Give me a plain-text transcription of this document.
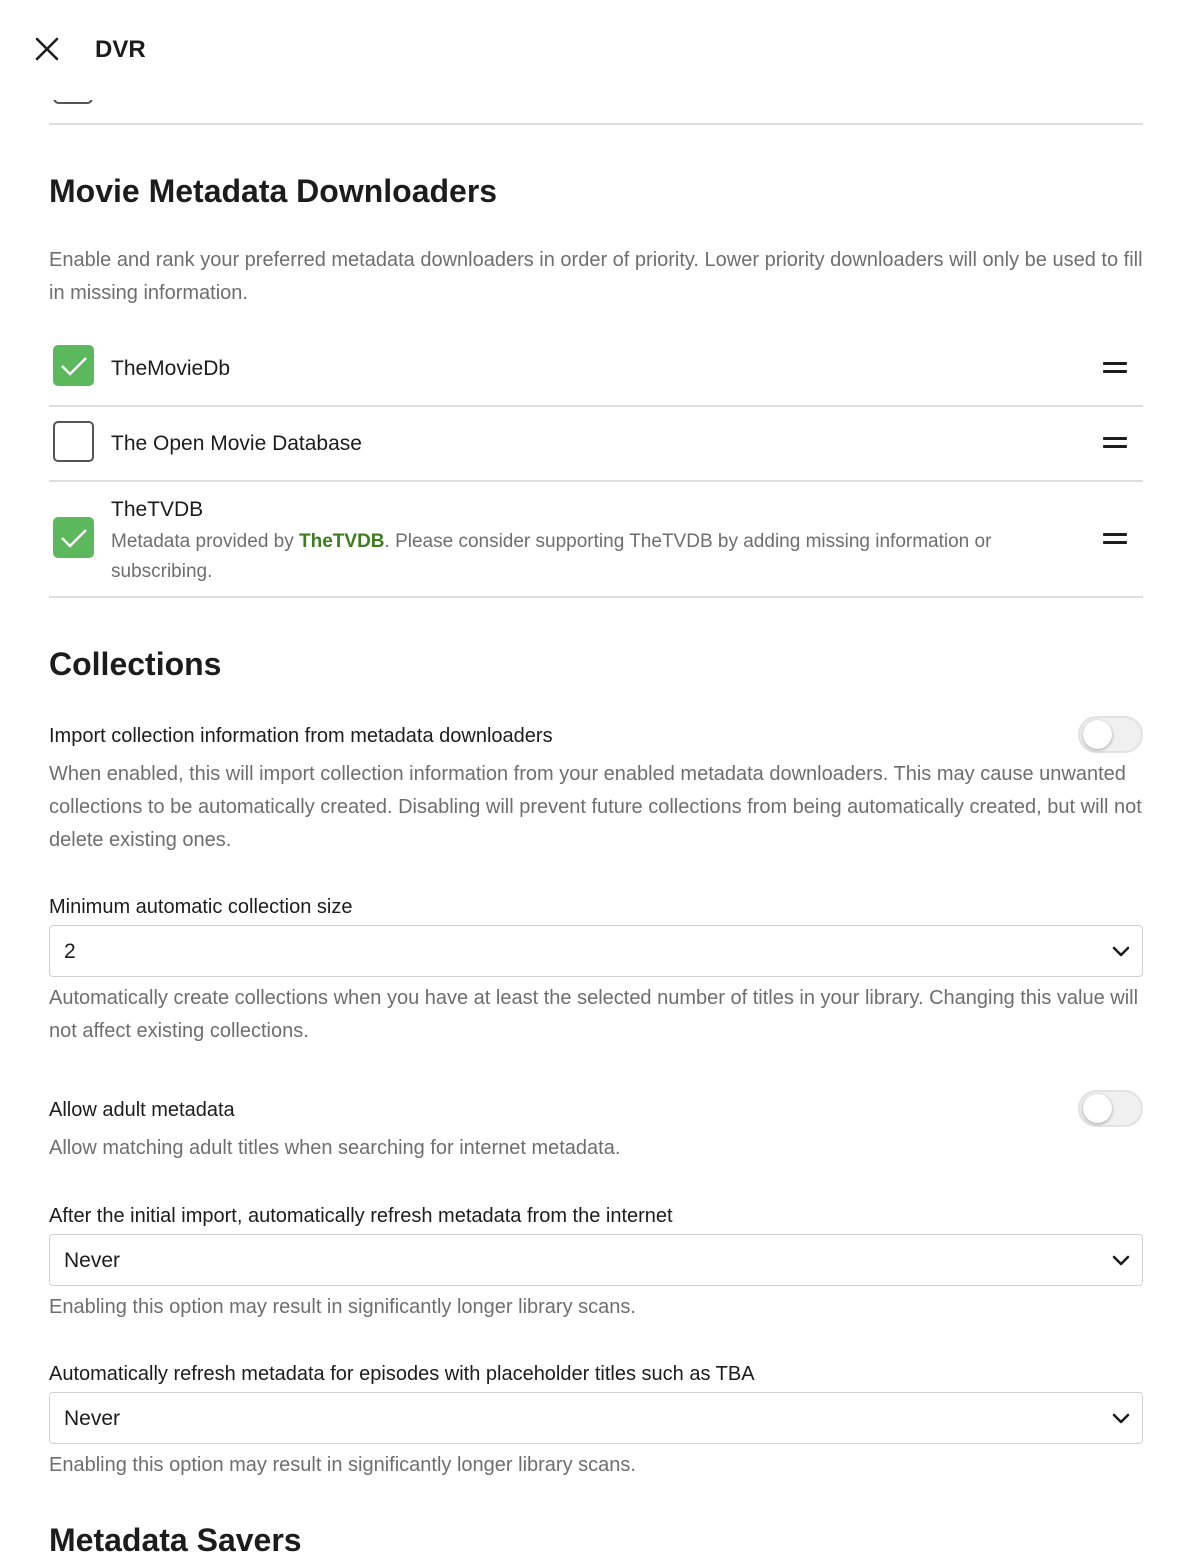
DVR
Movie Metadata Downloaders
Enable and rank your preferred metadata downloaders in order of priority. Lower priority downloaders will only be used to fill in missing information.
TheMovieDb
The Open Movie Database
TheTVDB
Metadata provided by TheTVDB. Please consider supporting TheTVDB by adding missing information or subscribing.
Collections
Import collection information from metadata downloaders
When enabled, this will import collection information from your enabled metadata downloaders. This may cause unwanted collections to be automatically created. Disabling will prevent future collections from being automatically created, but will not delete existing ones.
Minimum automatic collection size
2
Automatically create collections when you have at least the selected number of titles in your library. Changing this value will not affect existing collections.
Allow adult metadata
Allow matching adult titles when searching for internet metadata.
After the initial import, automatically refresh metadata from the internet
Never
Enabling this option may result in significantly longer library scans.
Automatically refresh metadata for episodes with placeholder titles such as TBA
Never
Enabling this option may result in significantly longer library scans.
Metadata Savers
